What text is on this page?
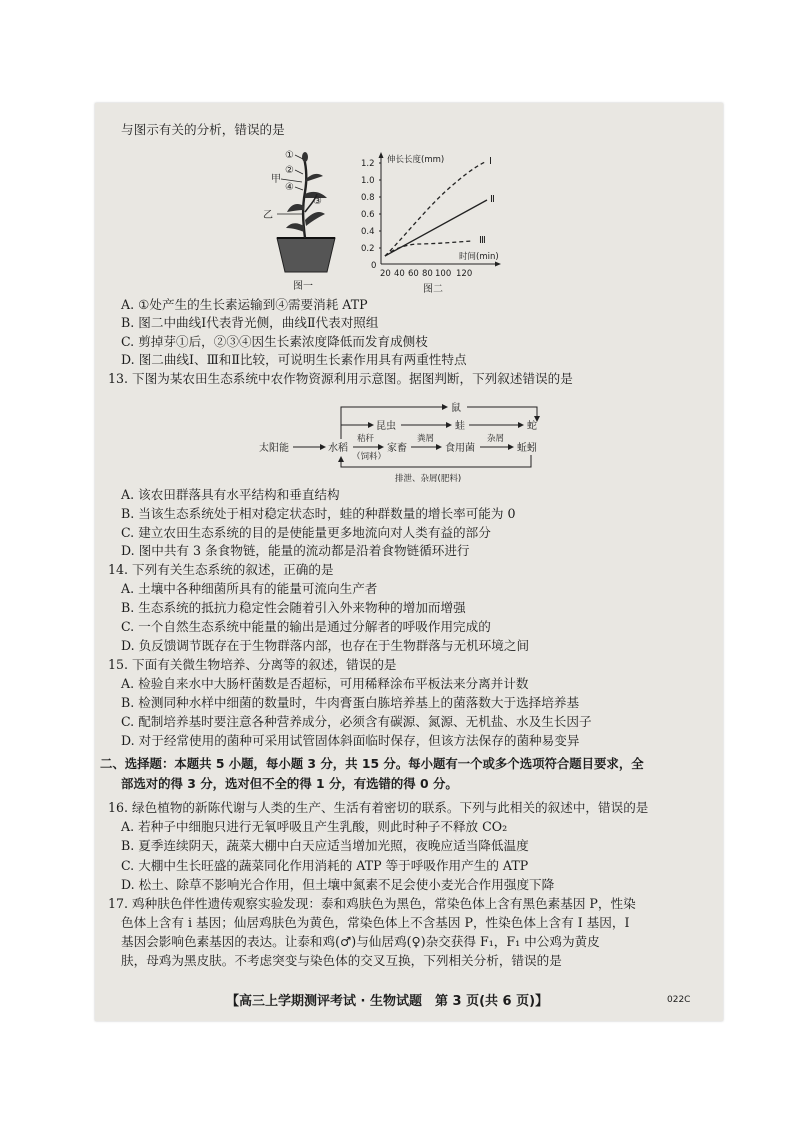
与图示有关的分析，错误的是
①
②
④
③
甲
乙
图一
1.2
1.0
0.8
0.6
0.4
0.2
0
伸长长度(mm)
20 40 60 80 100 120
时间(min)
I
Ⅱ
Ⅲ
图二
A. ①处产生的生长素运输到④需要消耗 ATP
B. 图二中曲线Ⅰ代表背光侧，曲线Ⅱ代表对照组
C. 剪掉芽①后，②③④因生长素浓度降低而发育成侧枝
D. 图二曲线Ⅰ、Ⅲ和Ⅱ比较，可说明生长素作用具有两重性特点
13. 下图为某农田生态系统中农作物资源利用示意图。据图判断，下列叙述错误的是
太阳能	水稻
秸秆
（饲料）
家畜
粪屑
食用菌
杂屑
蚯蚓
鼠
昆虫	蛙	蛇
排泄、杂屑(肥料)
A. 该农田群落具有水平结构和垂直结构
B. 当该生态系统处于相对稳定状态时，蛙的种群数量的增长率可能为 0
C. 建立农田生态系统的目的是使能量更多地流向对人类有益的部分
D. 图中共有 3 条食物链，能量的流动都是沿着食物链循环进行
14. 下列有关生态系统的叙述，正确的是
A. 土壤中各种细菌所具有的能量可流向生产者
B. 生态系统的抵抗力稳定性会随着引入外来物种的增加而增强
C. 一个自然生态系统中能量的输出是通过分解者的呼吸作用完成的
D. 负反馈调节既存在于生物群落内部，也存在于生物群落与无机环境之间
15. 下面有关微生物培养、分离等的叙述，错误的是
A. 检验自来水中大肠杆菌数是否超标，可用稀释涂布平板法来分离并计数
B. 检测同种水样中细菌的数量时，牛肉膏蛋白胨培养基上的菌落数大于选择培养基
C. 配制培养基时要注意各种营养成分，必须含有碳源、氮源、无机盐、水及生长因子
D. 对于经常使用的菌种可采用试管固体斜面临时保存，但该方法保存的菌种易变异
二、选择题：本题共 5 小题，每小题 3 分，共 15 分。每小题有一个或多个选项符合题目要求，全
部选对的得 3 分，选对但不全的得 1 分，有选错的得 0 分。
16. 绿色植物的新陈代谢与人类的生产、生活有着密切的联系。下列与此相关的叙述中，错误的是
A. 若种子中细胞只进行无氧呼吸且产生乳酸，则此时种子不释放 CO₂
B. 夏季连续阴天，蔬菜大棚中白天应适当增加光照，夜晚应适当降低温度
C. 大棚中生长旺盛的蔬菜同化作用消耗的 ATP 等于呼吸作用产生的 ATP
D. 松土、除草不影响光合作用，但土壤中氮素不足会使小麦光合作用强度下降
17. 鸡种肤色伴性遗传观察实验发现：泰和鸡肤色为黑色，常染色体上含有黑色素基因 P，性染
色体上含有 i 基因；仙居鸡肤色为黄色，常染色体上不含基因 P，性染色体上含有 I 基因，I
基因会影响色素基因的表达。让泰和鸡(♂)与仙居鸡(♀)杂交获得 F₁，F₁ 中公鸡为黄皮
肤，母鸡为黑皮肤。不考虑突变与染色体的交叉互换，下列相关分析，错误的是
【高三上学期测评考试 · 生物试题　第 3 页(共 6 页)】	022C
